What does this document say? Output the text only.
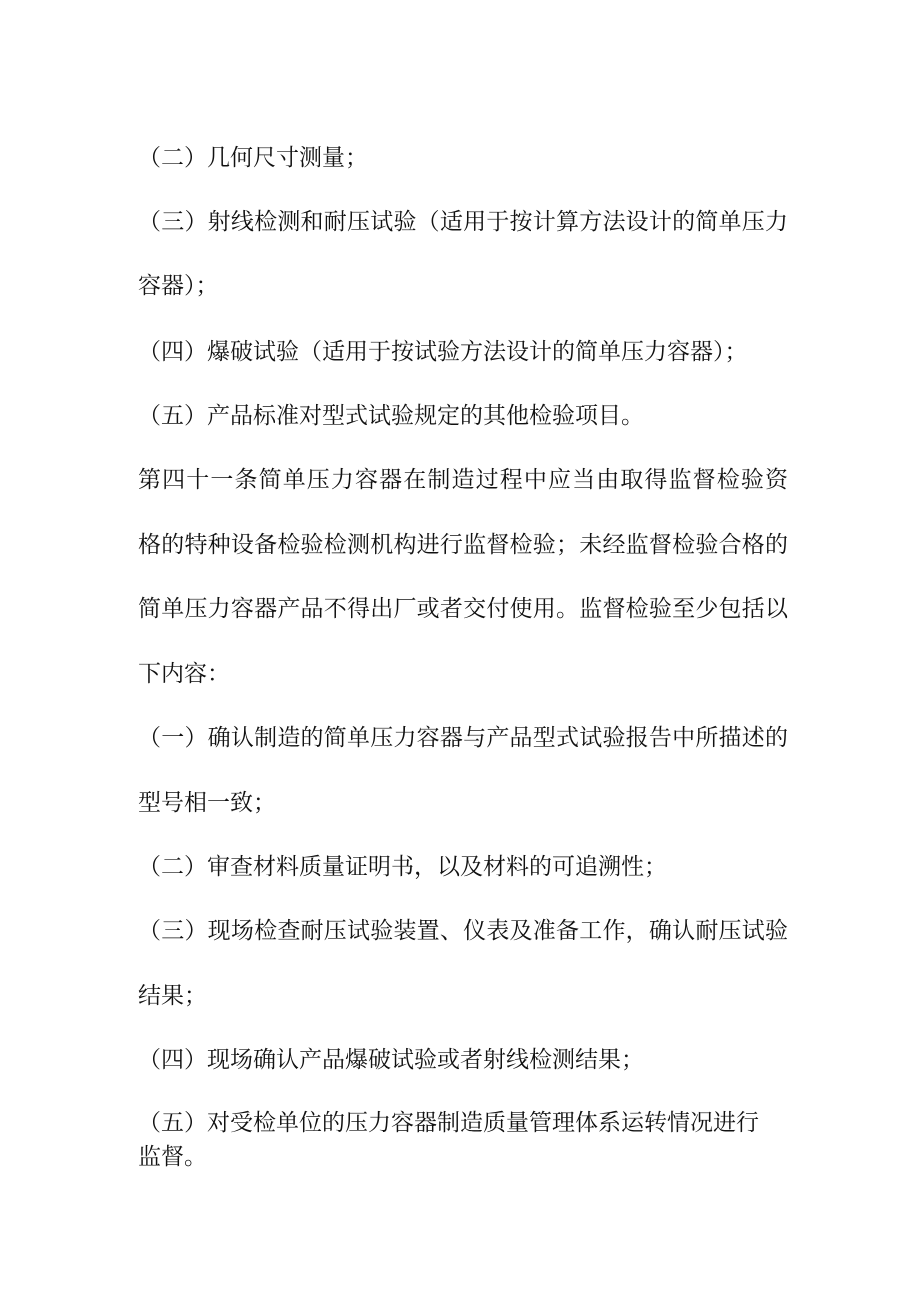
（二）几何尺寸测量；
（三）射线检测和耐压试验（适用于按计算方法设计的简单压力
容器）；
（四）爆破试验（适用于按试验方法设计的简单压力容器）；
（五）产品标准对型式试验规定的其他检验项目。
第四十一条简单压力容器在制造过程中应当由取得监督检验资
格的特种设备检验检测机构进行监督检验；未经监督检验合格的
简单压力容器产品不得出厂或者交付使用。监督检验至少包括以
下内容：
（一）确认制造的简单压力容器与产品型式试验报告中所描述的
型号相一致；
（二）审查材料质量证明书，以及材料的可追溯性；
（三）现场检查耐压试验装置、仪表及准备工作，确认耐压试验
结果；
（四）现场确认产品爆破试验或者射线检测结果；
（五）对受检单位的压力容器制造质量管理体系运转情况进行
监督。
